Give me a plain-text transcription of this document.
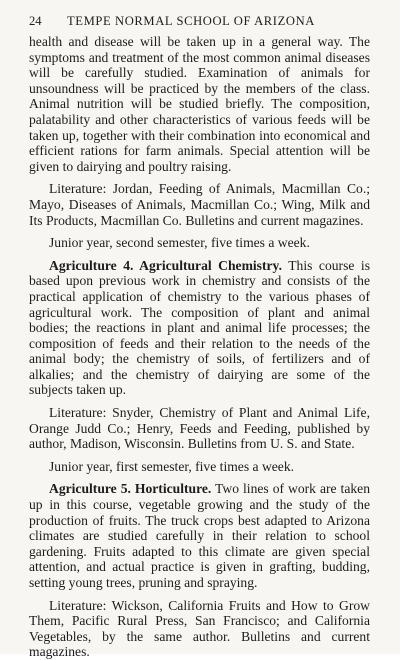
24	TEMPE NORMAL SCHOOL OF ARIZONA

health and disease will be taken up in a general way. The symptoms and treatment of the most common animal diseases will be carefully studied. Examination of animals for unsoundness will be practiced by the members of the class. Animal nutrition will be studied briefly. The composition, palatability and other characteristics of various feeds will be taken up, together with their combination into economical and efficient rations for farm animals. Special attention will be given to dairying and poultry raising.

Literature: Jordan, Feeding of Animals, Macmillan Co.; Mayo, Diseases of Animals, Macmillan Co.; Wing, Milk and Its Products, Macmillan Co. Bulletins and current magazines.

Junior year, second semester, five times a week.

Agriculture 4. Agricultural Chemistry. This course is based upon previous work in chemistry and consists of the practical application of chemistry to the various phases of agricultural work. The composition of plant and animal bodies; the reactions in plant and animal life processes; the composition of feeds and their relation to the needs of the animal body; the chemistry of soils, of fertilizers and of alkalies; and the chemistry of dairying are some of the subjects taken up.

Literature: Snyder, Chemistry of Plant and Animal Life, Orange Judd Co.; Henry, Feeds and Feeding, published by author, Madison, Wisconsin. Bulletins from U. S. and State.

Junior year, first semester, five times a week.

Agriculture 5. Horticulture. Two lines of work are taken up in this course, vegetable growing and the study of the production of fruits. The truck crops best adapted to Arizona climates are studied carefully in their relation to school gardening. Fruits adapted to this climate are given special attention, and actual practice is given in grafting, budding, setting young trees, pruning and spraying.

Literature: Wickson, California Fruits and How to Grow Them, Pacific Rural Press, San Francisco; and California Vegetables, by the same author. Bulletins and current magazines.
